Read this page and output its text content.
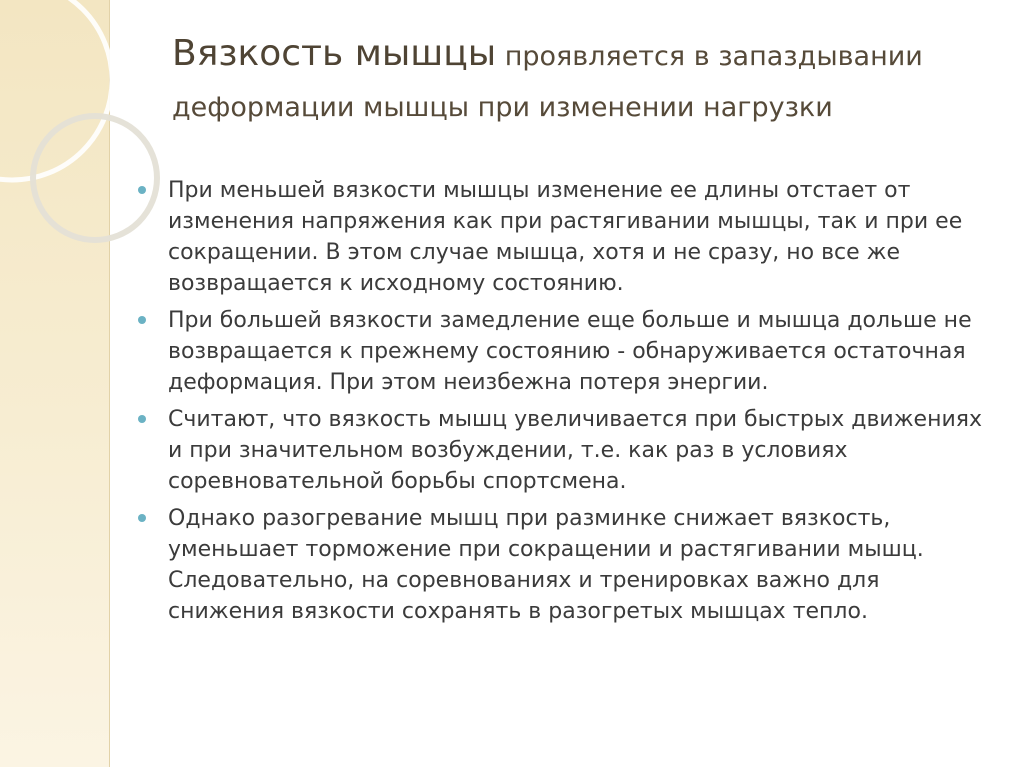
Вязкость мышцы проявляется в запаздывании деформации мышцы при изменении нагрузки
При меньшей вязкости мышцы изменение ее длины отстает от изменения напряжения как при растягивании мышцы, так и при ее сокращении. В этом случае мышца, хотя и не сразу, но все же возвращается к исходному состоянию.
При большей вязкости замедление еще больше и мышца дольше не возвращается к прежнему состоянию - обнаруживается остаточная деформация. При этом неизбежна потеря энергии.
Считают, что вязкость мышц увеличивается при быстрых движениях и при значительном возбуждении, т.е. как раз в условиях соревновательной борьбы спортсмена.
Однако разогревание мышц при разминке снижает вязкость, уменьшает торможение при сокращении и растягивании мышц. Следовательно, на соревнованиях и тренировках важно для снижения вязкости сохранять в разогретых мышцах тепло.
